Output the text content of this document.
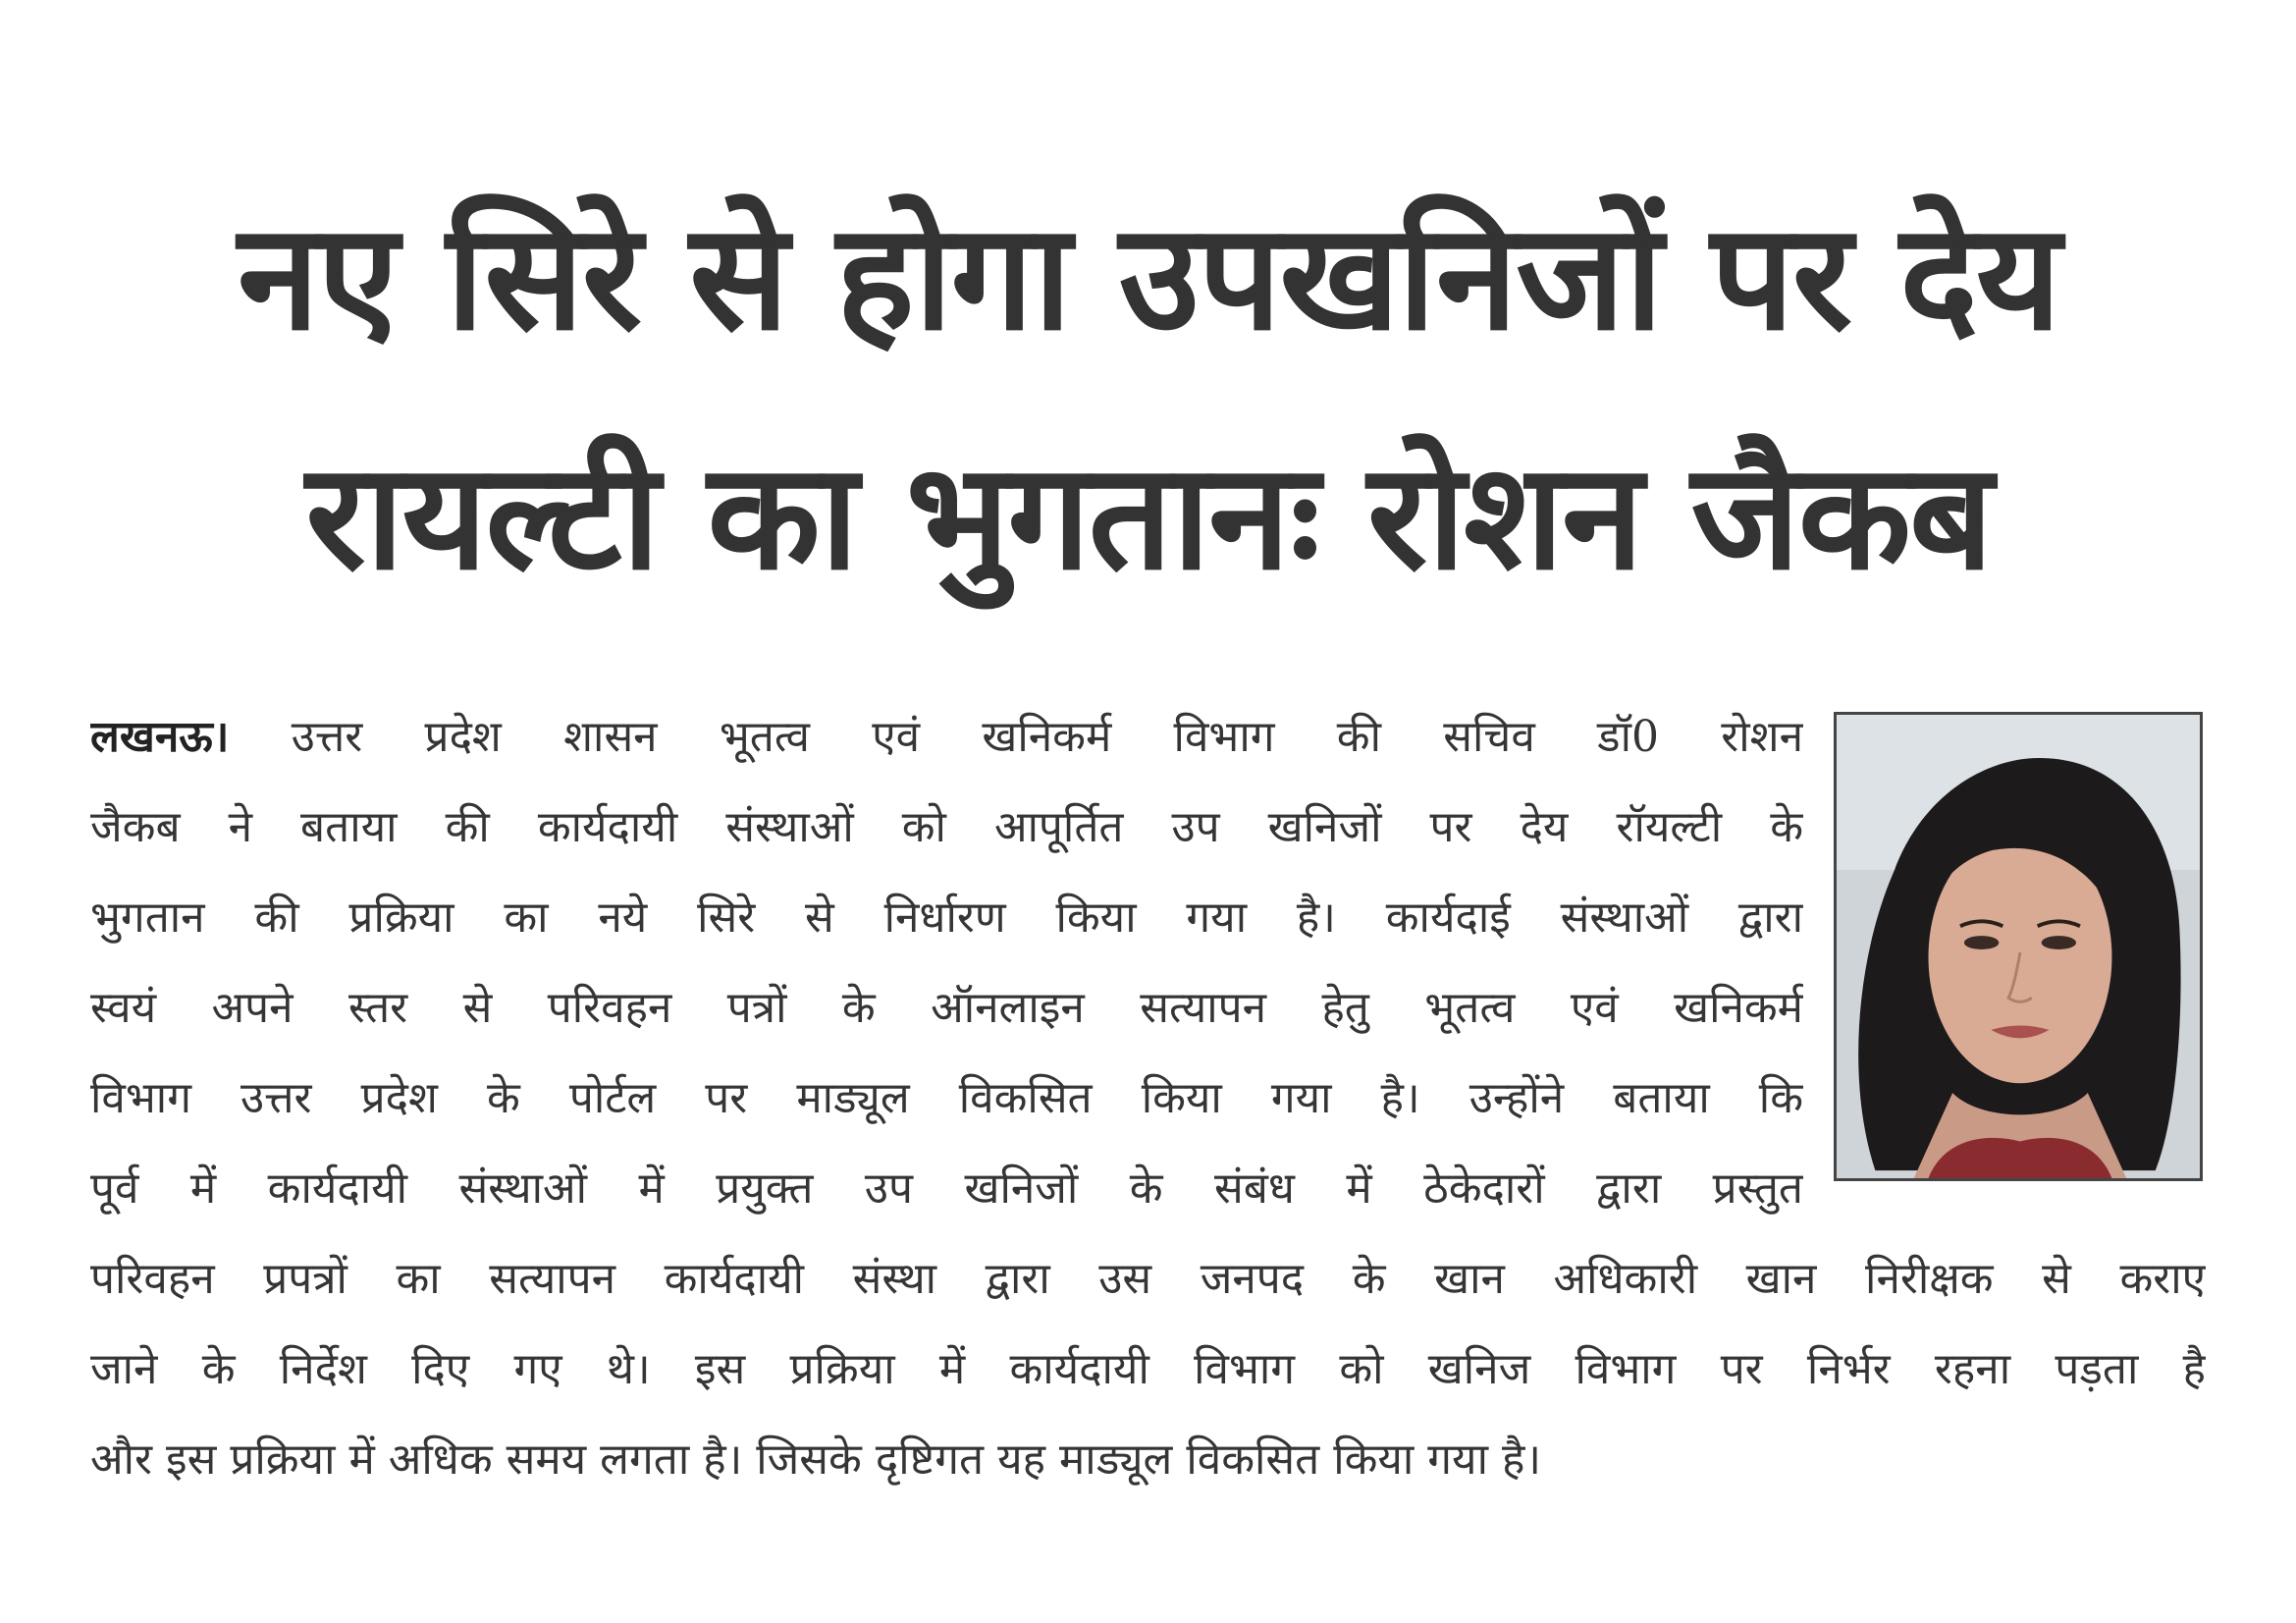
नए सिरे से होगा उपखनिजों पर देय
रायल्टी का भुगतानः रोशन जैकब
लखनऊ। उत्तर प्रदेश शासन भूतत्व एवं खनिकर्म विभाग की सचिव डॉ0 रोशन
जैकब ने बताया की कार्यदायी संस्थाओं को आपूर्तित उप खनिजों पर देय रॉयल्टी के
भुगतान की प्रक्रिया का नये सिरे से निर्धारण किया गया है। कार्यदाई संस्थाओं द्वारा
स्वयं अपने स्तर से परिवहन पत्रों के ऑनलाइन सत्यापन हेतु भूतत्व एवं खनिकर्म
विभाग उत्तर प्रदेश के पोर्टल पर माड्यूल विकसित किया गया है। उन्होंने बताया कि
पूर्व में कार्यदायी संस्थाओं में प्रयुक्त उप खनिजों के संबंध में ठेकेदारों द्वारा प्रस्तुत
परिवहन प्रपत्रों का सत्यापन कार्यदायी संस्था द्वारा उस जनपद के खान अधिकारी खान निरीक्षक से कराए
जाने के निर्देश दिए गए थे। इस प्रक्रिया में कार्यदायी विभाग को खनिज विभाग पर निर्भर रहना पड़ता है
और इस प्रक्रिया में अधिक समय लगता है। जिसके दृष्टिगत यह माड्यूल विकसित किया गया है।
